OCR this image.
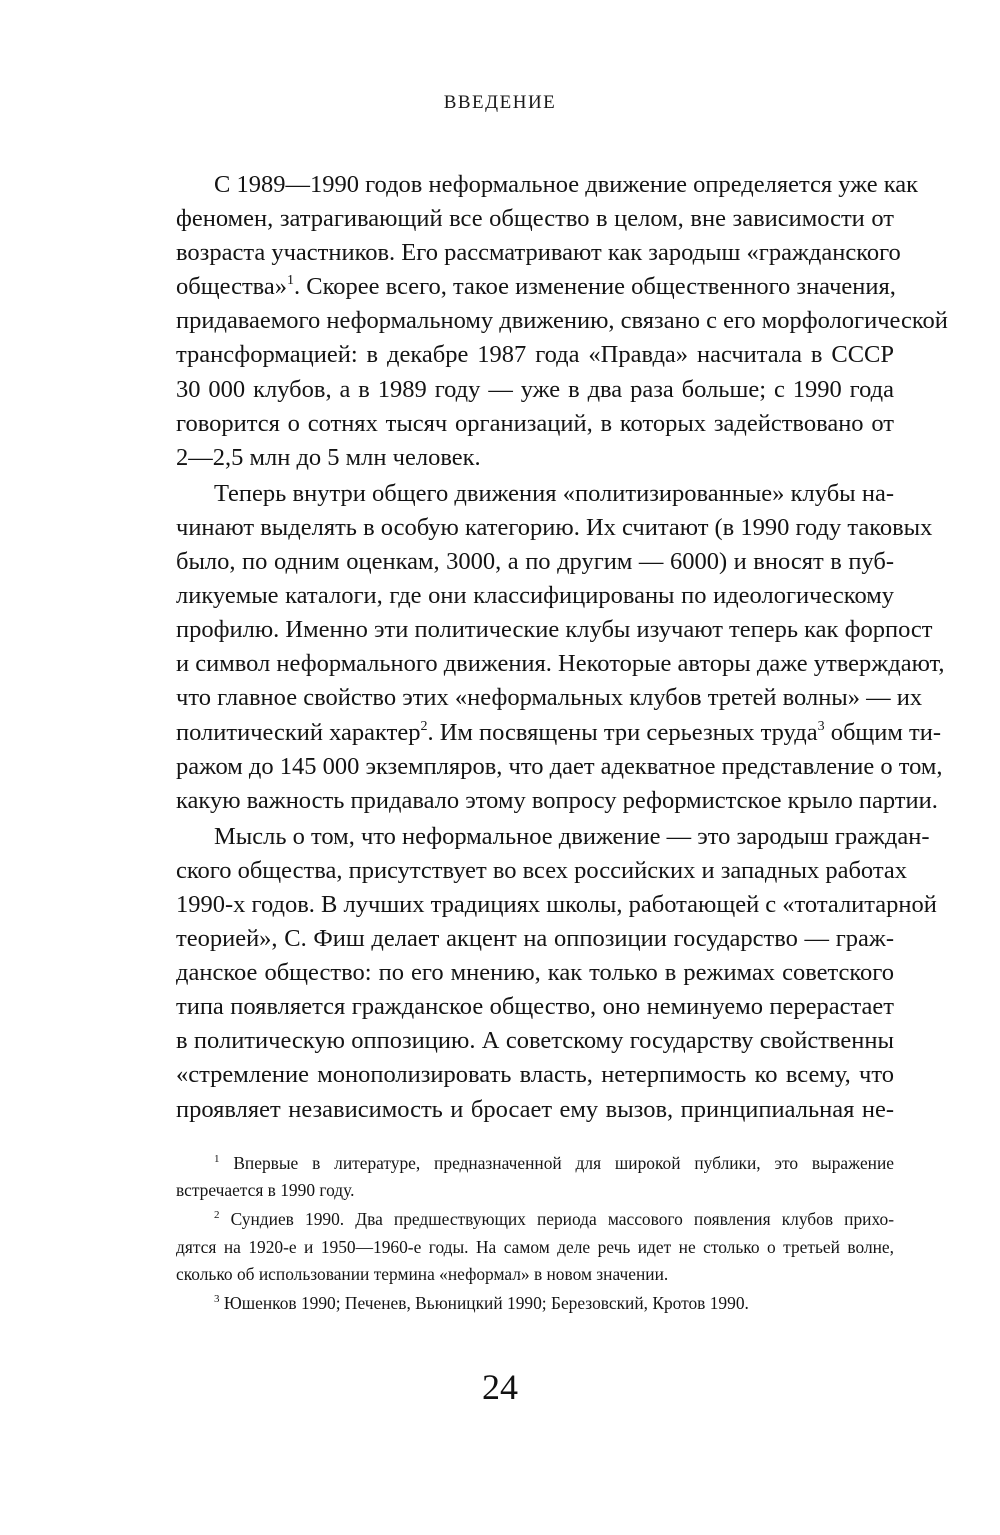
ВВЕДЕНИЕ
С 1989—1990 годов неформальное движение определяется уже как
феномен, затрагивающий все общество в целом, вне зависимости от
возраста участников. Его рассматривают как зародыш «гражданского
общества»$^1$. Скорее всего, такое изменение общественного значения,
придаваемого неформальному движению, связано с его морфологической
трансформацией: в декабре 1987 года «Правда» насчитала в СССР
30 000 клубов, а в 1989 году — уже в два раза больше; с 1990 года
говорится о сотнях тысяч организаций, в которых задействовано от
2—2,5 млн до 5 млн человек.
Теперь внутри общего движения «политизированные» клубы на-
чинают выделять в особую категорию. Их считают (в 1990 году таковых
было, по одним оценкам, 3000, а по другим — 6000) и вносят в пуб-
ликуемые каталоги, где они классифицированы по идеологическому
профилю. Именно эти политические клубы изучают теперь как форпост
и символ неформального движения. Некоторые авторы даже утверждают,
что главное свойство этих «неформальных клубов третей волны» — их
политический характер$^2$. Им посвящены три серьезных труда$^3$ общим ти-
ражом до 145 000 экземпляров, что дает адекватное представление о том,
какую важность придавало этому вопросу реформистское крыло партии.
Мысль о том, что неформальное движение — это зародыш граждан-
ского общества, присутствует во всех российских и западных работах
1990-х годов. В лучших традициях школы, работающей с «тоталитарной
теорией», С. Фиш делает акцент на оппозиции государство — граж-
данское общество: по его мнению, как только в режимах советского
типа появляется гражданское общество, оно неминуемо перерастает
в политическую оппозицию. А советскому государству свойственны
«стремление монополизировать власть, нетерпимость ко всему, что
проявляет независимость и бросает ему вызов, принципиальная не-
$^1$ Впервые в литературе, предназначенной для широкой публики, это выражение
встречается в 1990 году.
$^2$ Сундиев 1990. Два предшествующих периода массового появления клубов прихо-
дятся на 1920-е и 1950—1960-е годы. На самом деле речь идет не столько о третьей волне,
сколько об использовании термина «неформал» в новом значении.
$^3$ Юшенков 1990; Печенев, Вьюницкий 1990; Березовский, Кротов 1990.
24
